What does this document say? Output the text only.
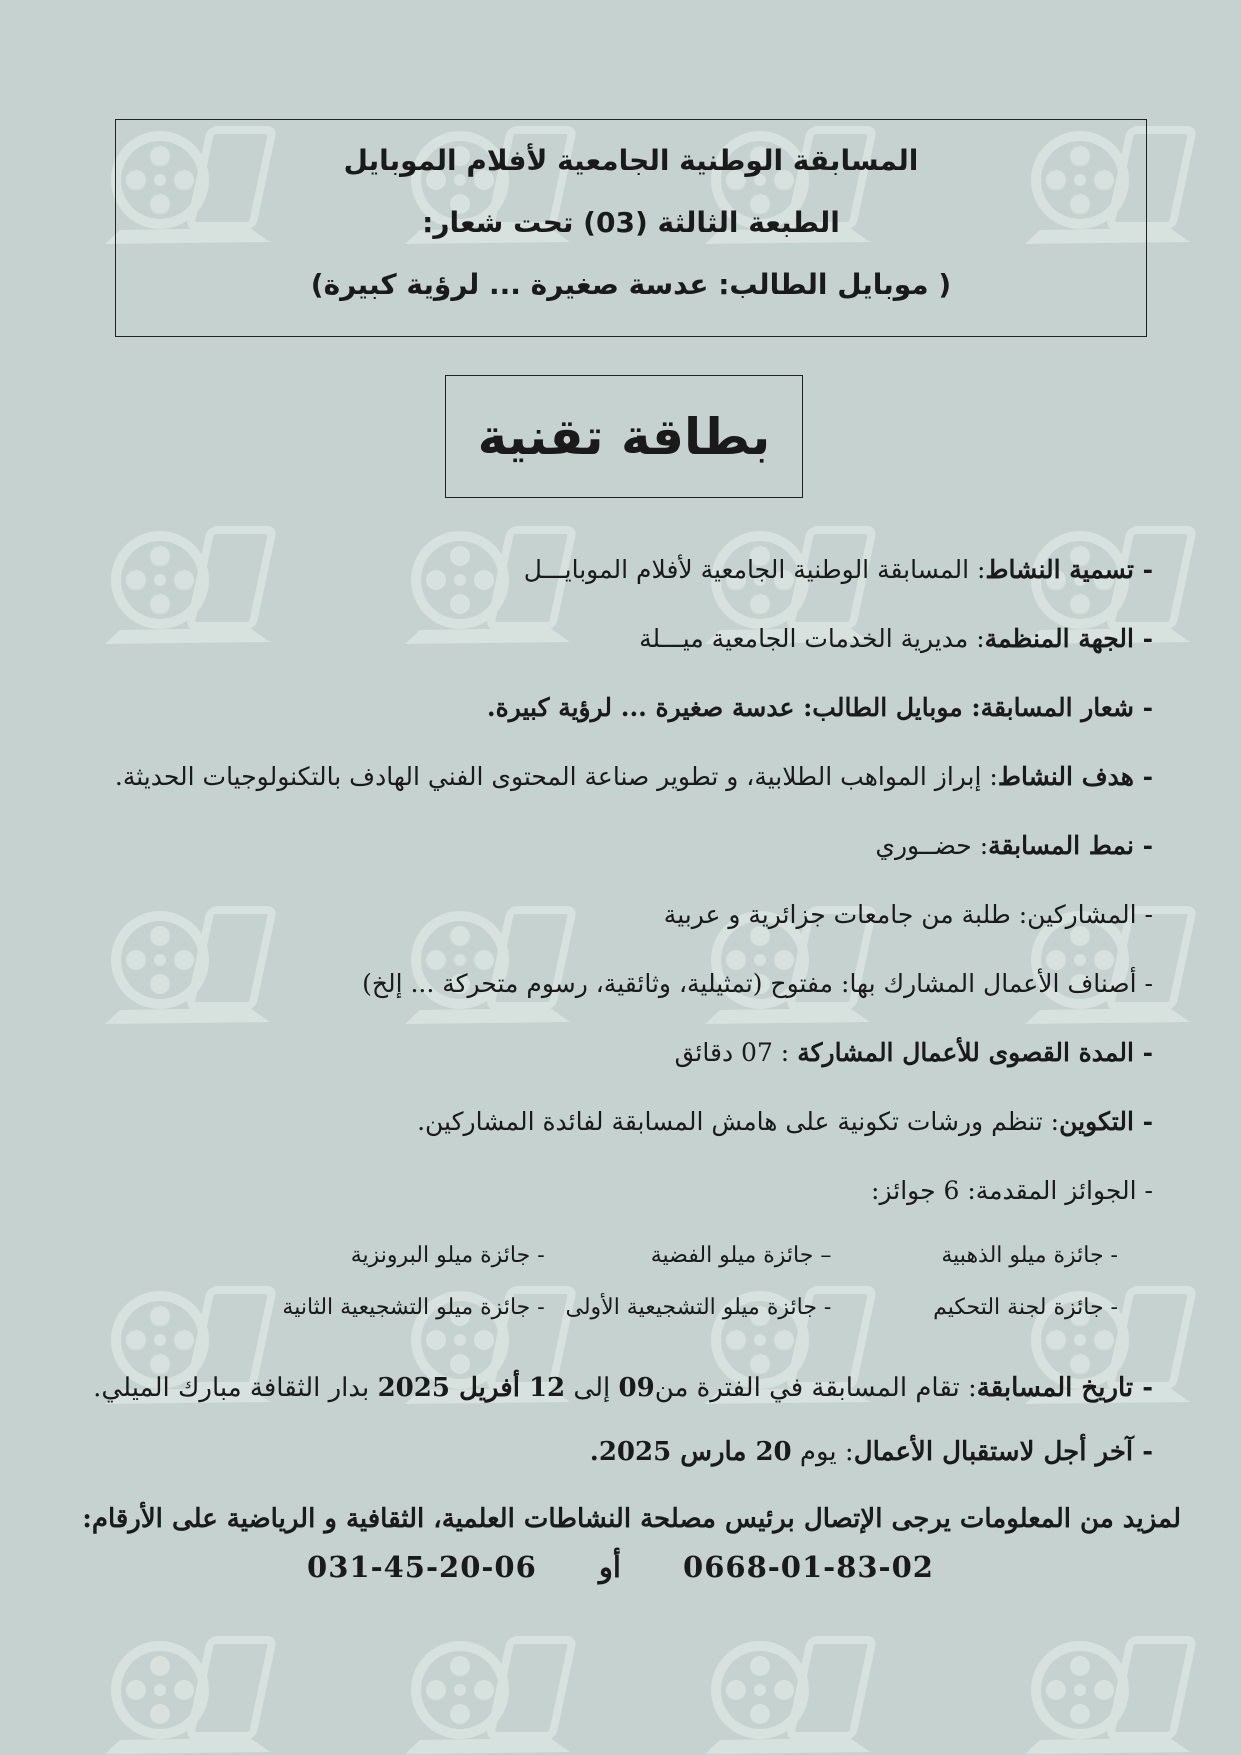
المسابقة الوطنية الجامعية لأفلام الموبايل
الطبعة الثالثة (03) تحت شعار:
( موبايل الطالب: عدسة صغيرة ... لرؤية كبيرة)
بطاقة تقنية
- تسمية النشاط: المسابقة الوطنية الجامعية لأفلام الموبايـــل
- الجهة المنظمة: مديرية الخدمات الجامعية ميـــلة
- شعار المسابقة: موبايل الطالب: عدسة صغيرة ... لرؤية كبيرة.
- هدف النشاط: إبراز المواهب الطلابية، و تطوير صناعة المحتوى الفني الهادف بالتكنولوجيات الحديثة.
- نمط المسابقة: حضــوري
- المشاركين: طلبة من جامعات جزائرية و عربية
- أصناف الأعمال المشارك بها: مفتوح (تمثيلية، وثائقية، رسوم متحركة ... إلخ)
- المدة القصوى للأعمال المشاركة : 07 دقائق
- التكوين: تنظم ورشات تكونية على هامش المسابقة لفائدة المشاركين.
- الجوائز المقدمة: 6 جوائز:
- جائزة ميلو الذهبية
– جائزة ميلو الفضية
- جائزة ميلو البرونزية
- جائزة لجنة التحكيم
- جائزة ميلو التشجيعية الأولى
- جائزة ميلو التشجيعية الثانية
- تاريخ المسابقة: تقام المسابقة في الفترة من09 إلى 12 أفريل 2025 بدار الثقافة مبارك الميلي.
- آخر أجل لاستقبال الأعمال: يوم 20 مارس 2025.
لمزيد من المعلومات يرجى الإتصال برئيس مصلحة النشاطات العلمية، الثقافية و الرياضية على الأرقام:
0668-01-83-02 أو 031-45-20-06
